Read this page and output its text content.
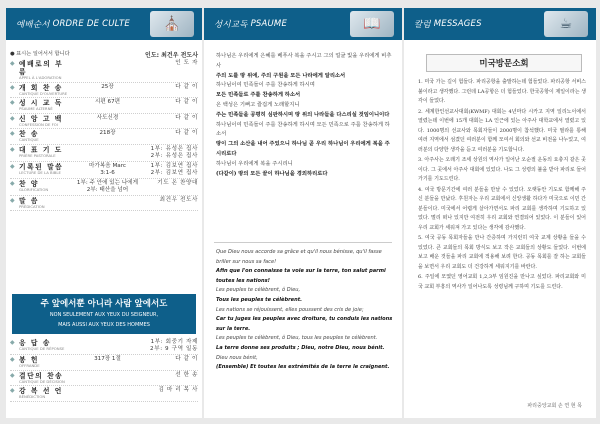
예배순서
ORDRE DE CULTE ⛪
● 표시는 일어서서 합니다	인도: 최건우 전도사
◆ 예배로의 부름
APPEL À L'ADORATION
인 도 자
◆ 개 회 찬 송
CANTIQUE D'OUVERTURE
25장	다 같 이
◆ 성 시 교 독
PSAUME ALTERNÉ
시편 67편	다 같 이
◆ 신 앙 고 백
CONFESSION DE FOI
사도신경	다 같 이
◆ 찬 송
CANTIQUE
218장	다 같 이
◆ 대 표 기 도
PRIÈRE PASTORALE
1부: 유성은 집사
2부: 유성은 집사
◆ 기록된 말씀
LECTURE DE LA BIBLE
마가복음 Marc
3:1-6
1부: 김보연 집사
2부: 김보연 집사
◆ 찬 양
GLORIFICATION
1부: 주 안에 있는 나에게
2부: 태산을 넘어
기도 온 찬양대
◆ 말 씀
PRÉDICATION
최건우 전도사
주 앞에서뿐 아니라 사람 앞에서도
NON SEULEMENT AUX YEUX DU SEIGNEUR,
MAIS AUSSI AUX YEUX DES HOMMES
◆ 응 답 송
CANTIQUE DE RÉPONSE
1부: 회중기 자제
2부: 9 구역 일동
◆ 봉 헌
OFFRANDE
317장 1절	다 같 이
◆ 결단의 찬송
CANTIQUE DE DÉCISION
선 한 송
◆ 강 복 선 언
BÉNÉDICTION
김 마 리 목 사
성시교독
PSAUME	📖

하나님은 우리에게 은혜를 베푸사 복을 주시고 그의 얼굴 빛을 우리에게 비추사

주의 도를 땅 위에, 주의 구원을 모든 나라에게 알리소서

하나님이여 민족들이 주를 찬송하게 하시며

모든 민족들로 주를 찬송하게 하소서

온 백성은 기뻐고 즐겁게 노래할지니

주는 민족들을 공평히 심판하시며 땅 위의 나라들을 다스리실 것임이니이다

하나님이여 민족들이 주를 찬송하게 하시며 모든 민족으로 주를 찬송하게 하소서

땅이 그의 소산을 내어 주었으니 하나님 곧 우리 하나님이 우리에게 복을 주시리로다

하나님이 우리에게 복을 주시리니

(다같이) 땅의 모든 끝이 하나님을 경외하리로다

Que Dieu nous accorde sa grâce et qu'il nous bénisse, qu'il fasse briller sur nous sa face!

Afin que l'on connaisse ta voie sur la terre, ton salut parmi toutes les nations!

Les peuples te célèbrent, ô Dieu,

Tous les peuples te célèbrent.

Les nations se réjouissent, elles poussent des cris de joie;

Car tu juges les peuples avec droiture, tu conduis les nations sur la terre.

Les peuples te célèbrent, ô Dieu, tous les peuples te célèbrent.

La terre donne ses produits ; Dieu, notre Dieu, nous bénit.

Dieu nous bénit,

(Ensemble) Et toutes les extrémités de la terre le craignent.

칼럼
MESSAGES	☕
미국방문소회

1. 미국 가는 길이 험들다. 파리공항을 출발하는데 험들었다. 파리공항 서비스 불이라고 생각했다. 그런데 LA공항은 더 험들었다. 한국공항이 제일이라는 생각이 들었다.

2. 세계한인선교사대회(KWMF) 대회는 4년마다 시카고 지역 일리노이에서 열렸는데 이번에 15개 대회는 LA 인근에 있는 아주사 대학교에서 열렸고 있다. 1000명의 선교사와 목회자들이 2000명이 참석했다. 미국 필라를 통해 여러 지역에서 섬겼던 여러분이 함께 모여서 회의와 선교 비전을 나누었고, 여러분의 다양한 생각을 듣고 여러분을 기도합니다.

3. 아주사는 오래기 조세 상원의 역사가 일어난 오순절 운동의 요충지 같은 곳이다. 그 곳에서 아주사 대회에 있었다. 나도 그 성령의 불을 받아 파리로 들어가기를 기도드린다.

4. 여국 방문기간에 여러 분들을 만날 수 있었다. 오랫동안 기도로 함께해 주신 분들을 만났다. 후원자는 우리 교회에서 신앙생활 하다가 미국으로 이민 간 분들이다. 미국에서 어렵게 살아가면서도 파리 교회를 생각하며 기도하고 있었다. 멀리 떠나 있지만 여전히 우리 교회와 연결되어 있었다. 이 분들이 있어 우리 교회가 세워져 가고 있다는 생각에 감사했다.

5. 여국 공동 목회자들을 만나 간증하며 가지런히 여국 교계 상황을 들을 수 있었다. 큰 교회들의 목회 방식도 보고 작은 교회들의 상황도 들었다. 이번에 보고 배운 것들을 파리 교회에 적용해 보려 한다. 공동 목회를 잘 하는 교회들을 보면서 우리 교회도 더 건강하게 세워지기를 바란다.

6. 주일에 모였던 영어교회 1,2,3부 임원진을 만나고 싶었다. 파리교회와 미국 교회 부흥의 역사가 일어나도록 성령님께 구하며 기도를 드린다.

파리중앙교회 손 연 현 목
